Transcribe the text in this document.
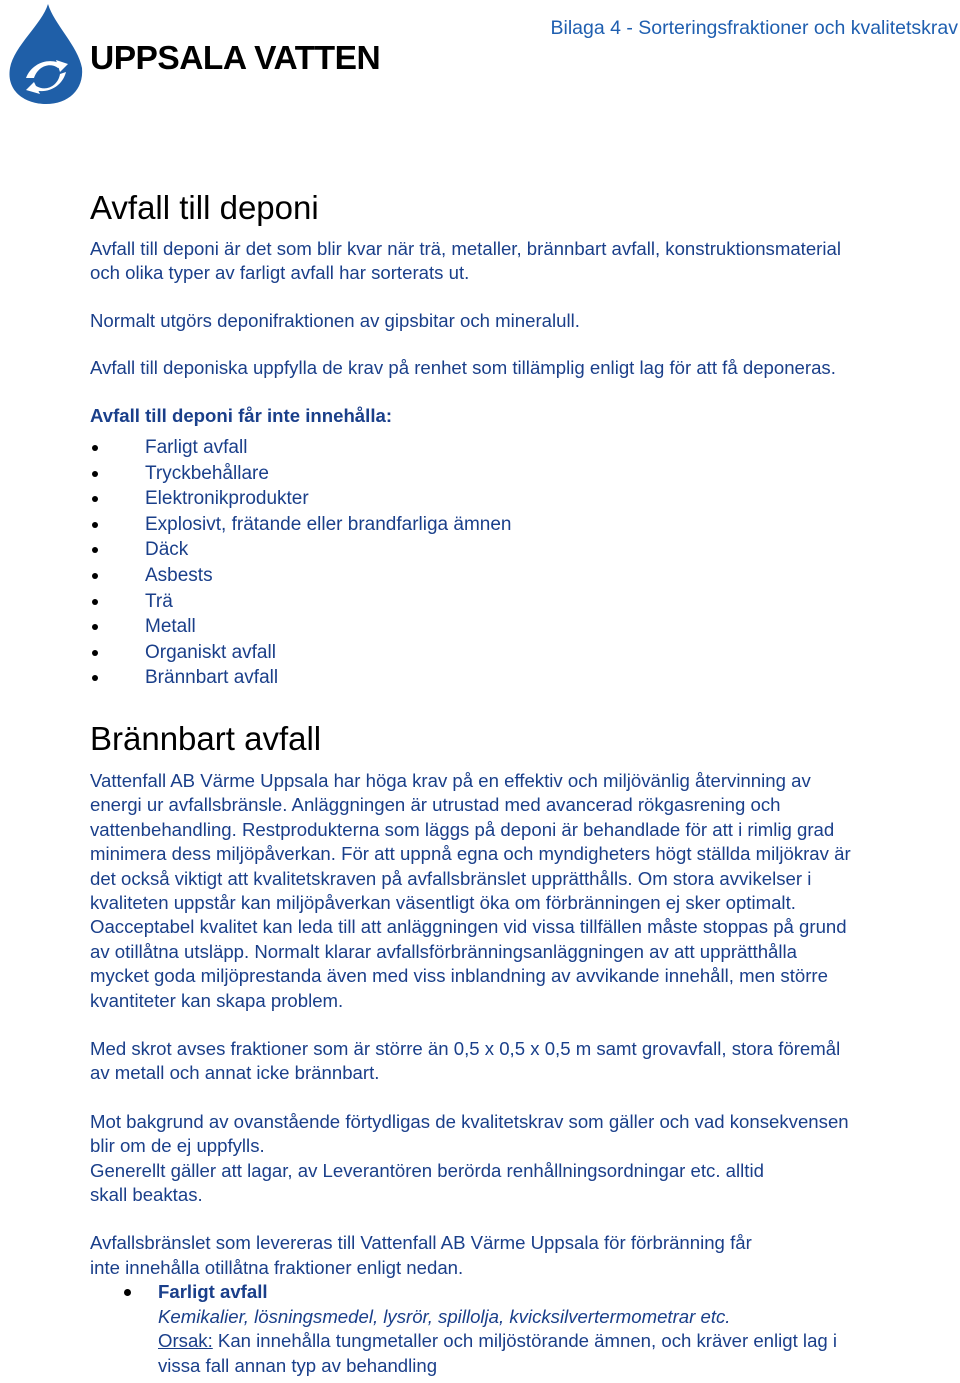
UPPSALA VATTEN
Bilaga 4 - Sorteringsfraktioner och kvalitetskrav
Avfall till deponi

Avfall till deponi är det som blir kvar när trä, metaller, brännbart avfall, konstruktionsmaterial

och olika typer av farligt avfall har sorterats ut.

Normalt utgörs deponifraktionen av gipsbitar och mineralull.

Avfall till deponiska uppfylla de krav på renhet som tillämplig enligt lag för att få deponeras.

Avfall till deponi får inte innehålla:

Farligt avfall
Tryckbehållare
Elektronikprodukter
Explosivt, frätande eller brandfarliga ämnen
Däck
Asbests
Trä
Metall
Organiskt avfall
Brännbart avfall
Brännbart avfall

Vattenfall AB Värme Uppsala har höga krav på en effektiv och miljövänlig återvinning av

energi ur avfallsbränsle. Anläggningen är utrustad med avancerad rökgasrening och

vattenbehandling. Restprodukterna som läggs på deponi är behandlade för att i rimlig grad

minimera dess miljöpåverkan. För att uppnå egna och myndigheters högt ställda miljökrav är

det också viktigt att kvalitetskraven på avfallsbränslet upprätthålls. Om stora avvikelser i

kvaliteten uppstår kan miljöpåverkan väsentligt öka om förbränningen ej sker optimalt.

Oacceptabel kvalitet kan leda till att anläggningen vid vissa tillfällen måste stoppas på grund

av otillåtna utsläpp. Normalt klarar avfallsförbränningsanläggningen av att upprätthålla

mycket goda miljöprestanda även med viss inblandning av avvikande innehåll, men större

kvantiteter kan skapa problem.

Med skrot avses fraktioner som är större än 0,5 x 0,5 x 0,5 m samt grovavfall, stora föremål

av metall och annat icke brännbart.

Mot bakgrund av ovanstående förtydligas de kvalitetskrav som gäller och vad konsekvensen

blir om de ej uppfylls.

Generellt gäller att lagar, av Leverantören berörda renhållningsordningar etc. alltid

skall beaktas.

Avfallsbränslet som levereras till Vattenfall AB Värme Uppsala för förbränning får

inte innehålla otillåtna fraktioner enligt nedan.

Farligt avfall
Kemikalier, lösningsmedel, lysrör, spillolja, kvicksilvertermometrar etc.
Orsak: Kan innehålla tungmetaller och miljöstörande ämnen, och kräver enligt lag i
vissa fall annan typ av behandling
